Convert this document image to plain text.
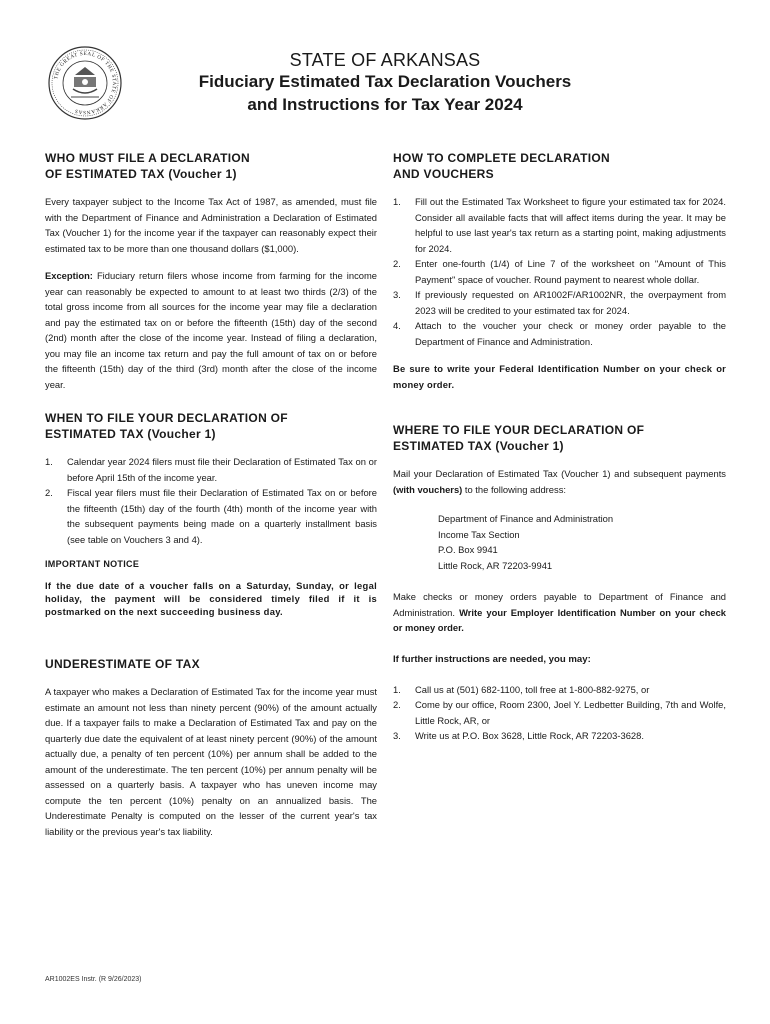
THE GREAT SEAL OF THE STATE OF ARKANSAS
STATE OF ARKANSAS
Fiduciary Estimated Tax Declaration Vouchers
and Instructions for Tax Year 2024
WHO MUST FILE A DECLARATION
OF ESTIMATED TAX (Voucher 1)

Every taxpayer subject to the Income Tax Act of 1987, as amended, must file with the Department of Finance and Administration a Declaration of Estimated Tax (Voucher 1) for the income year if the taxpayer can reasonably expect their estimated tax to be more than one thousand dollars ($1,000).

Exception: Fiduciary return filers whose income from farming for the income year can reasonably be expected to amount to at least two thirds (2/3) of the total gross income from all sources for the income year may file a declaration and pay the estimated tax on or before the fifteenth (15th) day of the second (2nd) month after the close of the income year. Instead of filing a declaration, you may file an income tax return and pay the full amount of tax on or before the fifteenth (15th) day of the third (3rd) month after the close of the income year.

WHEN TO FILE YOUR DECLARATION OF
ESTIMATED TAX (Voucher 1)
1. Calendar year 2024 filers must file their Declaration of Estimated Tax on or before April 15th of the income year.
2. Fiscal year filers must file their Declaration of Estimated Tax on or before the fifteenth (15th) day of the fourth (4th) month of the income year with the subsequent payments being made on a quarterly installment basis (see table on Vouchers 3 and 4).
IMPORTANT NOTICE

If the due date of a voucher falls on a Saturday, Sunday, or legal holiday, the payment will be considered timely filed if it is postmarked on the next succeeding business day.

UNDERESTIMATE OF TAX

A taxpayer who makes a Declaration of Estimated Tax for the income year must estimate an amount not less than ninety percent (90%) of the amount actually due. If a taxpayer fails to make a Declaration of Estimated Tax and pay on the quarterly due date the equivalent of at least ninety percent (90%) of the amount actually due, a penalty of ten percent (10%) per annum shall be added to the amount of the underestimate. The ten percent (10%) per annum penalty will be assessed on a quarterly basis. A taxpayer who has uneven income may compute the ten percent (10%) penalty on an annualized basis. The Underestimate Penalty is computed on the lesser of the current year's tax liability or the previous year's tax liability.

HOW TO COMPLETE DECLARATION
AND VOUCHERS
1. Fill out the Estimated Tax Worksheet to figure your estimated tax for 2024. Consider all available facts that will affect items during the year. It may be helpful to use last year's tax return as a starting point, making adjustments for 2024.
2. Enter one-fourth (1/4) of Line 7 of the worksheet on "Amount of This Payment" space of voucher. Round payment to nearest whole dollar.
3. If previously requested on AR1002F/AR1002NR, the overpayment from 2023 will be credited to your estimated tax for 2024.
4. Attach to the voucher your check or money order payable to the Department of Finance and Administration.

Be sure to write your Federal Identification Number on your check or money order.

WHERE TO FILE YOUR DECLARATION OF
ESTIMATED TAX (Voucher 1)

Mail your Declaration of Estimated Tax (Voucher 1) and subsequent payments (with vouchers) to the following address:

Department of Finance and Administration
Income Tax Section
P.O. Box 9941
Little Rock, AR 72203-9941

Make checks or money orders payable to Department of Finance and Administration. Write your Employer Identification Number on your check or money order.

If further instructions are needed, you may:
1. Call us at (501) 682-1100, toll free at 1-800-882-9275, or
2. Come by our office, Room 2300, Joel Y. Ledbetter Building, 7th and Wolfe, Little Rock, AR, or
3. Write us at P.O. Box 3628, Little Rock, AR 72203-3628.
AR1002ES Instr. (R 9/26/2023)
